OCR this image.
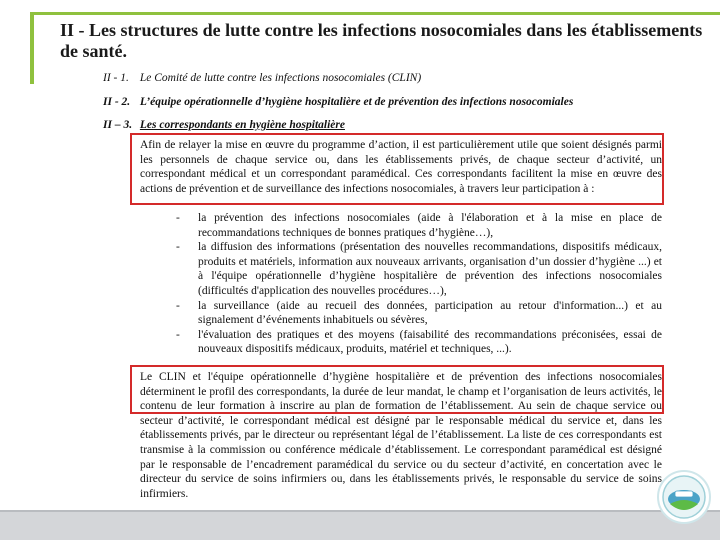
II - Les structures de lutte contre les infections nosocomiales dans les établissements de santé.
II - 1. Le Comité de lutte contre les infections nosocomiales (CLIN)
II - 2. L’équipe opérationnelle d’hygiène hospitalière et de prévention des infections nosocomiales
II – 3. Les correspondants en hygiène hospitalière
Afin de relayer la mise en œuvre du programme d’action, il est particulièrement utile que soient désignés parmi les personnels de chaque service ou, dans les établissements privés, de chaque secteur d’activité, un correspondant médical et un correspondant paramédical. Ces correspondants facilitent la mise en œuvre des actions de prévention et de surveillance des infections nosocomiales, à travers leur participation à :
- la prévention des infections nosocomiales (aide à l'élaboration et à la mise en place de recommandations techniques de bonnes pratiques d’hygiène…),
- la diffusion des informations (présentation des nouvelles recommandations, dispositifs médicaux, produits et matériels, information aux nouveaux arrivants, organisation d’un dossier d’hygiène ...) et à l'équipe opérationnelle d’hygiène hospitalière de prévention des infections nosocomiales (difficultés d'application des nouvelles procédures…),
- la surveillance (aide au recueil des données, participation au retour d'information...) et au signalement d’événements inhabituels ou sévères,
- l'évaluation des pratiques et des moyens (faisabilité des recommandations préconisées, essai de nouveaux dispositifs médicaux, produits, matériel et techniques, ...).
Le CLIN et l'équipe opérationnelle d’hygiène hospitalière et de prévention des infections nosocomiales déterminent le profil des correspondants, la durée de leur mandat, le champ et l’organisation de leurs activités, le contenu de leur formation à inscrire au plan de formation de l’établissement. Au sein de chaque service ou secteur d’activité, le correspondant médical est désigné par le responsable médical du service et, dans les établissements privés, par le directeur ou représentant légal de l’établissement. La liste de ces correspondants est transmise à la commission ou conférence médicale d’établissement. Le correspondant paramédical est désigné par le responsable de l’encadrement paramédical du service ou du secteur d’activité, en concertation avec le directeur du service de soins infirmiers ou, dans les établissements privés, le responsable du service de soins infirmiers.
